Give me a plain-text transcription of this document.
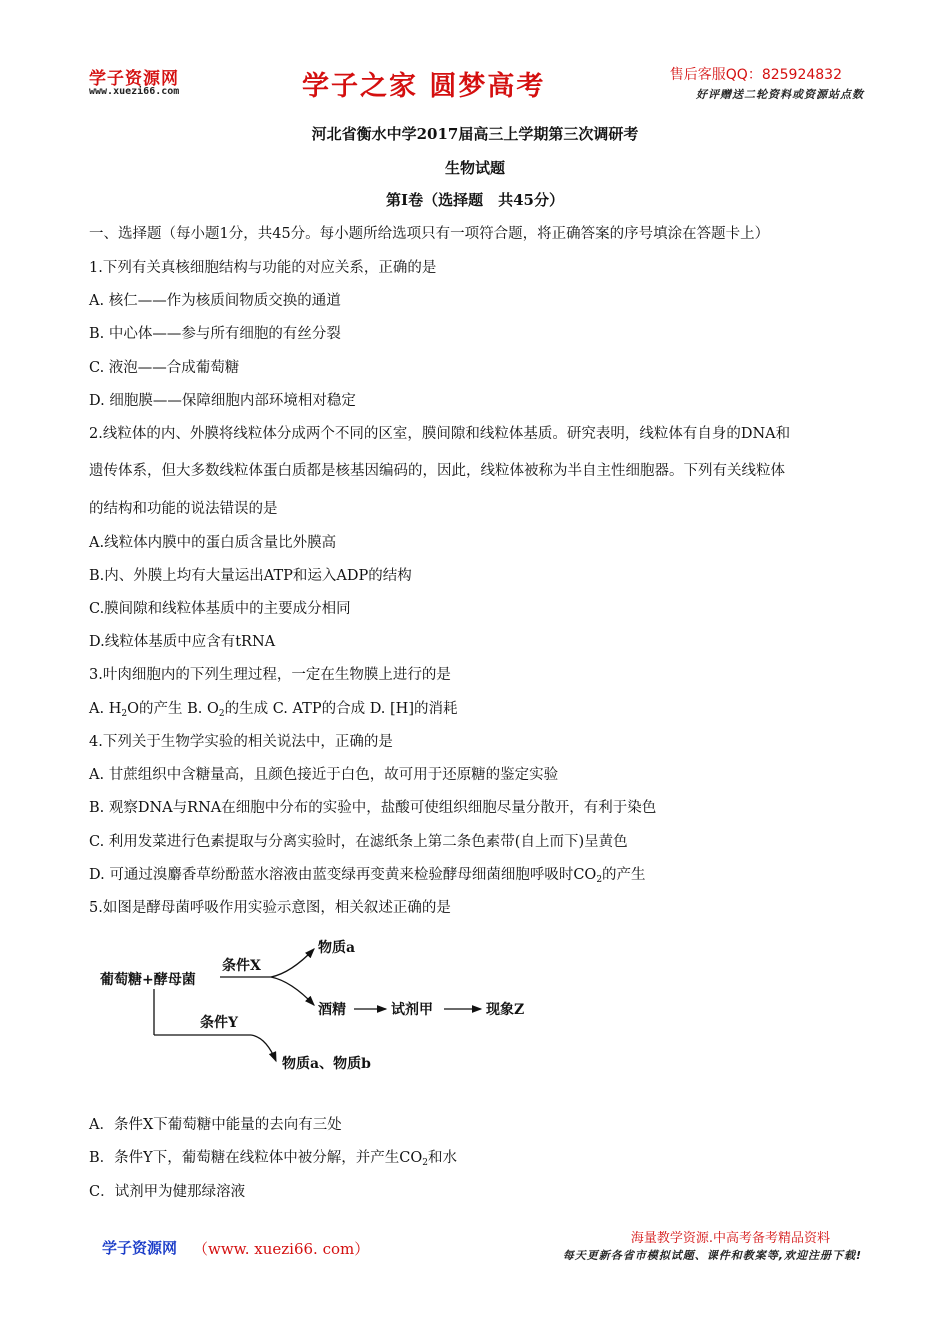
学子资源网
www.xuezi66.com	学子之家 圆梦高考	售后客服QQ：825924832
好评赠送二轮资料或资源站点数
河北省衡水中学2017届高三上学期第三次调研考
生物试题
第Ⅰ卷（选择题　共45分）
一、选择题（每小题1分，共45分。每小题所给选项只有一项符合题，将正确答案的序号填涂在答题卡上）
1.下列有关真核细胞结构与功能的对应关系，正确的是
A. 核仁——作为核质间物质交换的通道
B. 中心体——参与所有细胞的有丝分裂
C. 液泡——合成葡萄糖
D. 细胞膜——保障细胞内部环境相对稳定
2.线粒体的内、外膜将线粒体分成两个不同的区室，膜间隙和线粒体基质。研究表明，线粒体有自身的DNA和
遗传体系，但大多数线粒体蛋白质都是核基因编码的，因此，线粒体被称为半自主性细胞器。下列有关线粒体
的结构和功能的说法错误的是
A.线粒体内膜中的蛋白质含量比外膜高
B.内、外膜上均有大量运出ATP和运入ADP的结构
C.膜间隙和线粒体基质中的主要成分相同
D.线粒体基质中应含有tRNA
3.叶肉细胞内的下列生理过程，一定在生物膜上进行的是
A. $H_2O$的产生 B. $O_2$的生成 C. ATP的合成 D. [H]的消耗
4.下列关于生物学实验的相关说法中，正确的是
A. 甘蔗组织中含糖量高，且颜色接近于白色，故可用于还原糖的鉴定实验
B. 观察DNA与RNA在细胞中分布的实验中，盐酸可使组织细胞尽量分散开，有利于染色
C. 利用发菜进行色素提取与分离实验时，在滤纸条上第二条色素带(自上而下)呈黄色
D. 可通过溴麝香草纷酚蓝水溶液由蓝变绿再变黄来检验酵母细菌细胞呼吸时$CO_2$的产生
5.如图是酵母菌呼吸作用实验示意图，相关叙述正确的是
葡萄糖+酵母菌
条件X
物质a
酒精	试剂甲	现象Z
条件Y
物质a、物质b
A．条件X下葡萄糖中能量的去向有三处
B．条件Y下，葡萄糖在线粒体中被分解，并产生$CO_2$和水
C．试剂甲为健那绿溶液
学子资源网 （www. xuezi66. com）
海量教学资源.中高考备考精品资料
每天更新各省市模拟试题、课件和教案等,欢迎注册下载!
